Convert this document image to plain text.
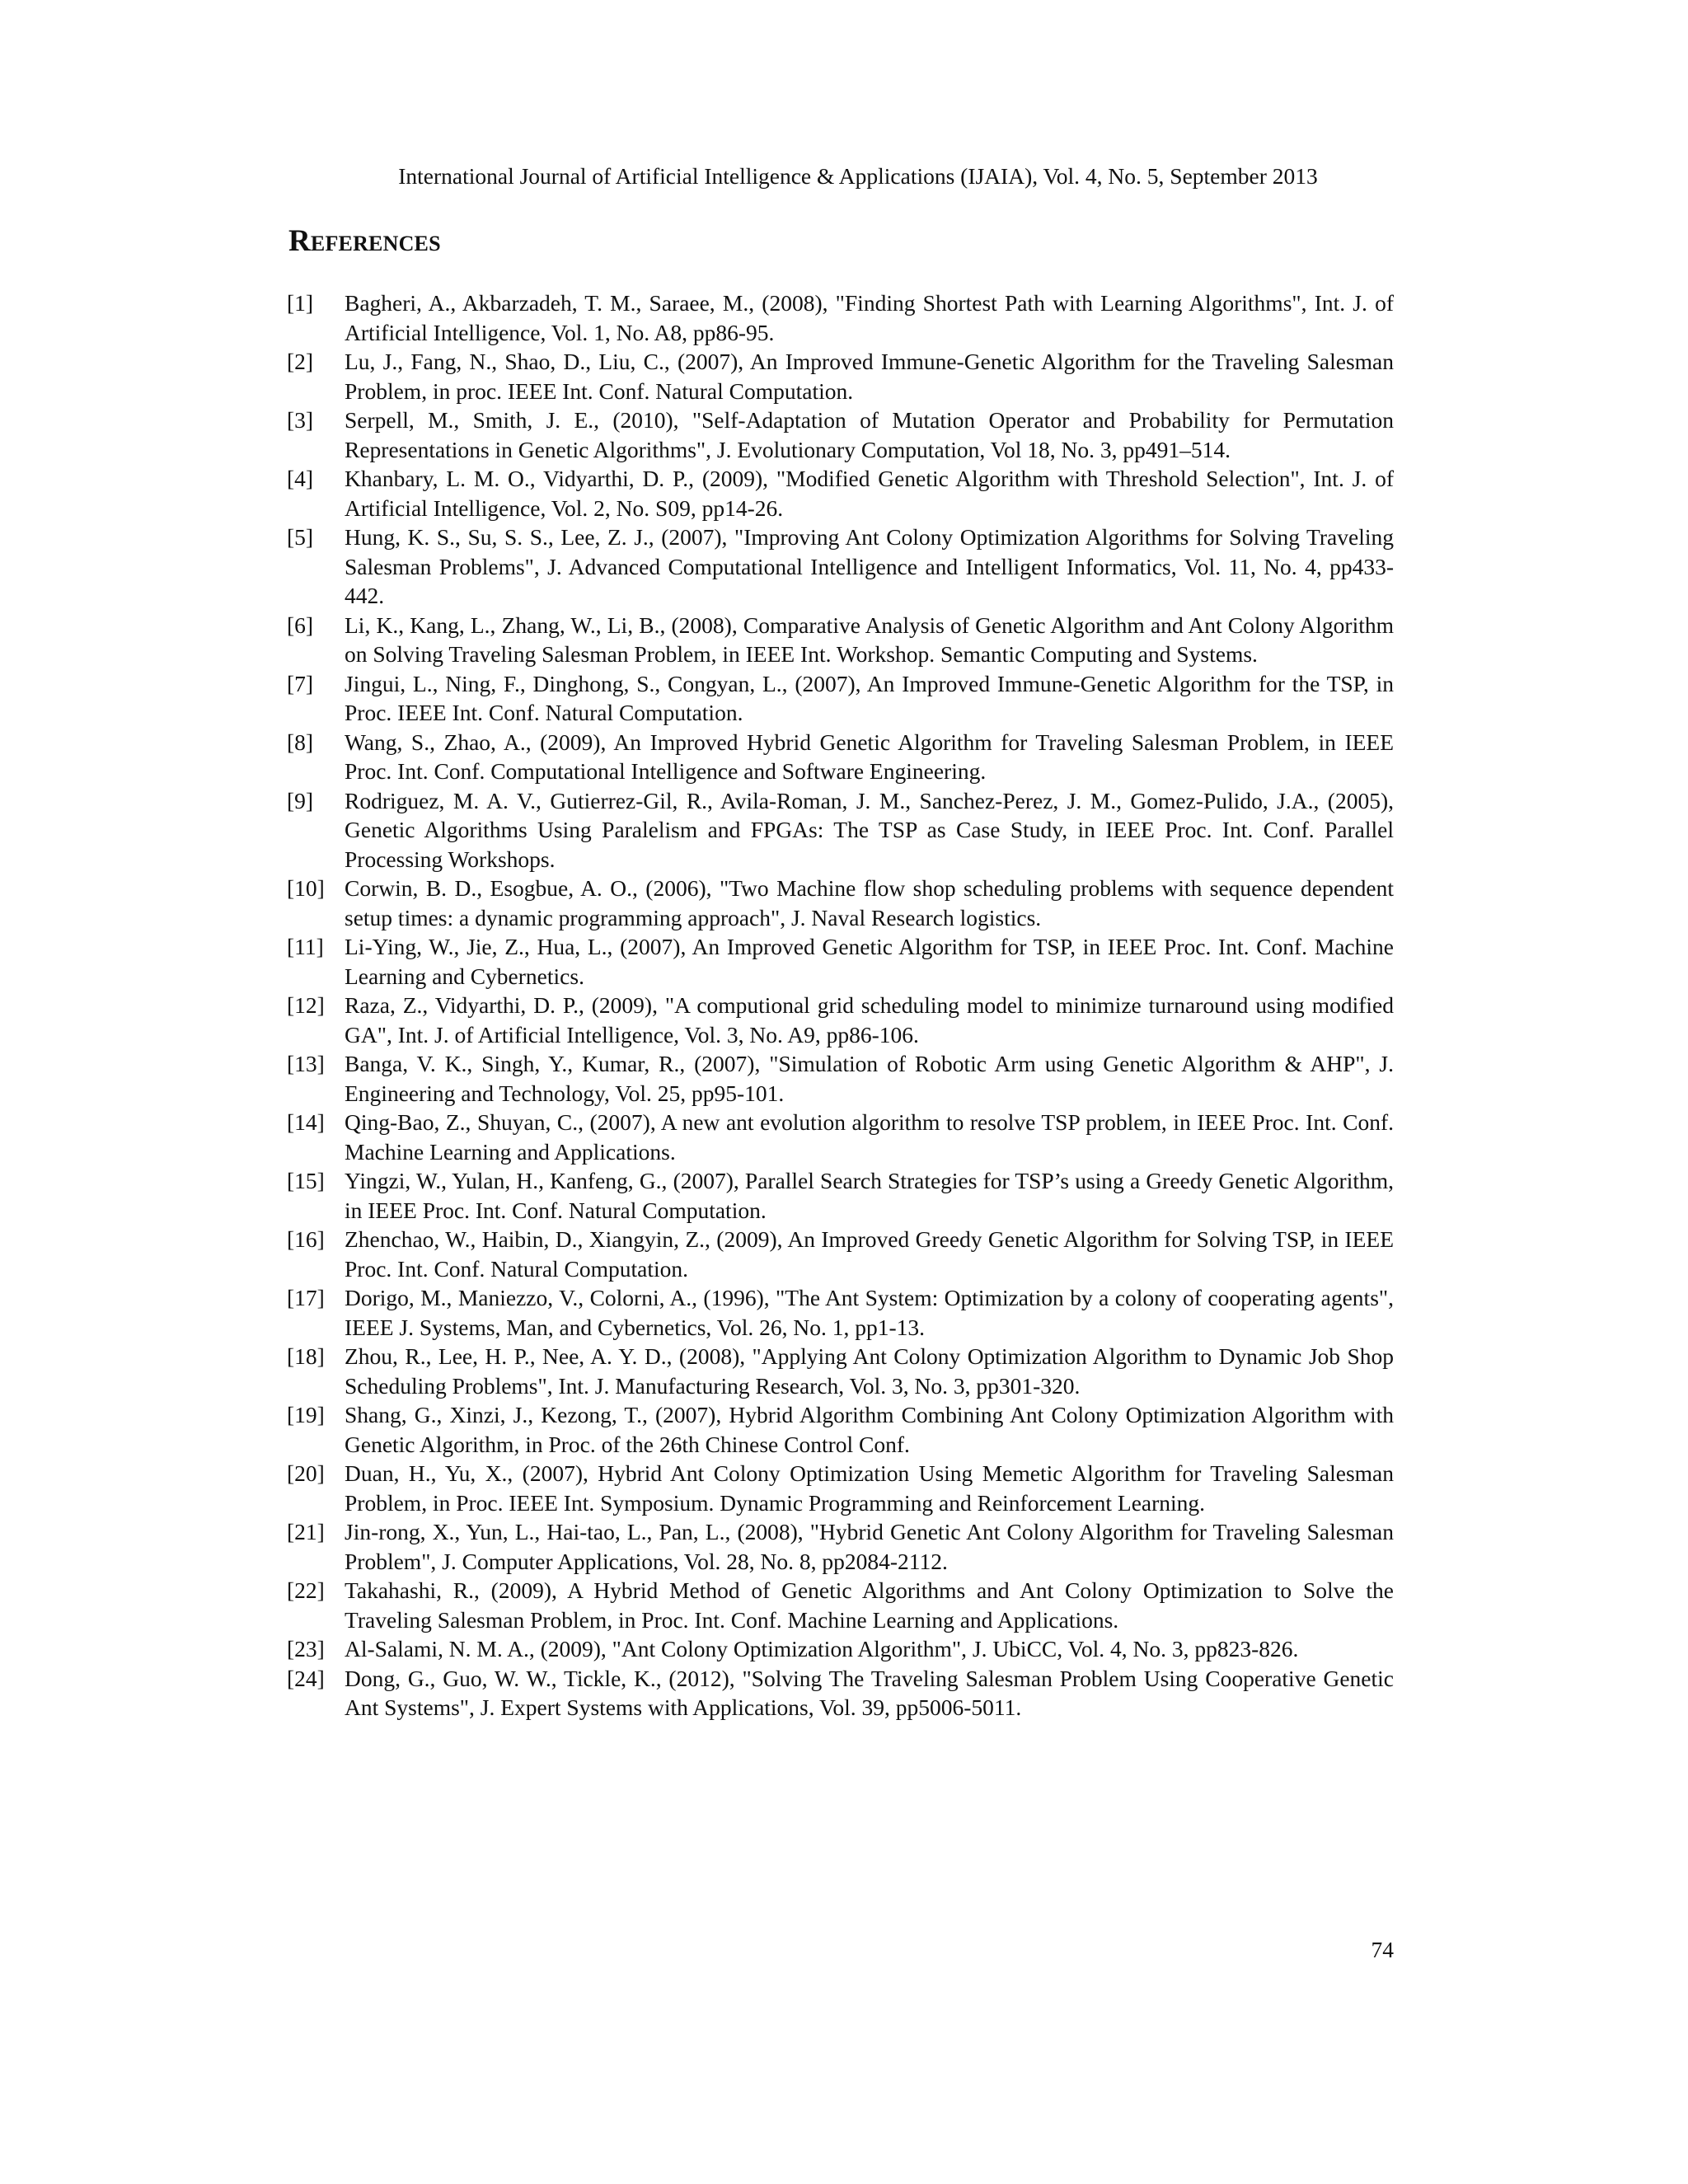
International Journal of Artificial Intelligence & Applications (IJAIA), Vol. 4, No. 5, September 2013
References
[1]	Bagheri, A., Akbarzadeh, T. M., Saraee, M., (2008), "Finding Shortest Path with Learning Algorithms", Int. J. of Artificial Intelligence, Vol. 1, No. A8, pp86-95.
[2]	Lu, J., Fang, N., Shao, D., Liu, C., (2007), An Improved Immune-Genetic Algorithm for the Traveling Salesman Problem, in proc. IEEE Int. Conf. Natural Computation.
[3]	Serpell, M., Smith, J. E., (2010), "Self-Adaptation of Mutation Operator and Probability for Permutation Representations in Genetic Algorithms", J. Evolutionary Computation, Vol 18, No. 3, pp491–514.
[4]	Khanbary, L. M. O., Vidyarthi, D. P., (2009), "Modified Genetic Algorithm with Threshold Selection", Int. J. of Artificial Intelligence, Vol. 2, No. S09, pp14-26.
[5]	Hung, K. S., Su, S. S., Lee, Z. J., (2007), "Improving Ant Colony Optimization Algorithms for Solving Traveling Salesman Problems", J. Advanced Computational Intelligence and Intelligent Informatics, Vol. 11, No. 4, pp433-442.
[6]	Li, K., Kang, L., Zhang, W., Li, B., (2008), Comparative Analysis of Genetic Algorithm and Ant Colony Algorithm on Solving Traveling Salesman Problem, in IEEE Int. Workshop. Semantic Computing and Systems.
[7]	Jingui, L., Ning, F., Dinghong, S., Congyan, L., (2007), An Improved Immune-Genetic Algorithm for the TSP, in Proc. IEEE Int. Conf. Natural Computation.
[8]	Wang, S., Zhao, A., (2009), An Improved Hybrid Genetic Algorithm for Traveling Salesman Problem, in IEEE Proc. Int. Conf. Computational Intelligence and Software Engineering.
[9]	Rodriguez, M. A. V., Gutierrez-Gil, R., Avila-Roman, J. M., Sanchez-Perez, J. M., Gomez-Pulido, J.A., (2005), Genetic Algorithms Using Paralelism and FPGAs: The TSP as Case Study, in IEEE Proc. Int. Conf. Parallel Processing Workshops.
[10] Corwin, B. D., Esogbue, A. O., (2006), "Two Machine flow shop scheduling problems with sequence dependent setup times: a dynamic programming approach", J. Naval Research logistics.
[11] Li-Ying, W., Jie, Z., Hua, L., (2007), An Improved Genetic Algorithm for TSP, in IEEE Proc. Int. Conf. Machine Learning and Cybernetics.
[12] Raza, Z., Vidyarthi, D. P., (2009), "A computional grid scheduling model to minimize turnaround using modified GA", Int. J. of Artificial Intelligence, Vol. 3, No. A9, pp86-106.
[13] Banga, V. K., Singh, Y., Kumar, R., (2007), "Simulation of Robotic Arm using Genetic Algorithm & AHP", J. Engineering and Technology, Vol. 25, pp95-101.
[14] Qing-Bao, Z., Shuyan, C., (2007), A new ant evolution algorithm to resolve TSP problem, in IEEE Proc. Int. Conf. Machine Learning and Applications.
[15] Yingzi, W., Yulan, H., Kanfeng, G., (2007), Parallel Search Strategies for TSP’s using a Greedy Genetic Algorithm, in IEEE Proc. Int. Conf. Natural Computation.
[16] Zhenchao, W., Haibin, D., Xiangyin, Z., (2009), An Improved Greedy Genetic Algorithm for Solving TSP, in IEEE Proc. Int. Conf. Natural Computation.
[17] Dorigo, M., Maniezzo, V., Colorni, A., (1996), "The Ant System: Optimization by a colony of cooperating agents", IEEE J. Systems, Man, and Cybernetics, Vol. 26, No. 1, pp1-13.
[18] Zhou, R., Lee, H. P., Nee, A. Y. D., (2008), "Applying Ant Colony Optimization Algorithm to Dynamic Job Shop Scheduling Problems", Int. J. Manufacturing Research, Vol. 3, No. 3, pp301-320.
[19] Shang, G., Xinzi, J., Kezong, T., (2007), Hybrid Algorithm Combining Ant Colony Optimization Algorithm with Genetic Algorithm, in Proc. of the 26th Chinese Control Conf.
[20] Duan, H., Yu, X., (2007), Hybrid Ant Colony Optimization Using Memetic Algorithm for Traveling Salesman Problem, in Proc. IEEE Int. Symposium. Dynamic Programming and Reinforcement Learning.
[21] Jin-rong, X., Yun, L., Hai-tao, L., Pan, L., (2008), "Hybrid Genetic Ant Colony Algorithm for Traveling Salesman Problem", J. Computer Applications, Vol. 28, No. 8, pp2084-2112.
[22] Takahashi, R., (2009), A Hybrid Method of Genetic Algorithms and Ant Colony Optimization to Solve the Traveling Salesman Problem, in Proc. Int. Conf. Machine Learning and Applications.
[23] Al-Salami, N. M. A., (2009), "Ant Colony Optimization Algorithm", J. UbiCC, Vol. 4, No. 3, pp823-826.
[24] Dong, G., Guo, W. W., Tickle, K., (2012), "Solving The Traveling Salesman Problem Using Cooperative Genetic Ant Systems", J. Expert Systems with Applications, Vol. 39, pp5006-5011.
74
